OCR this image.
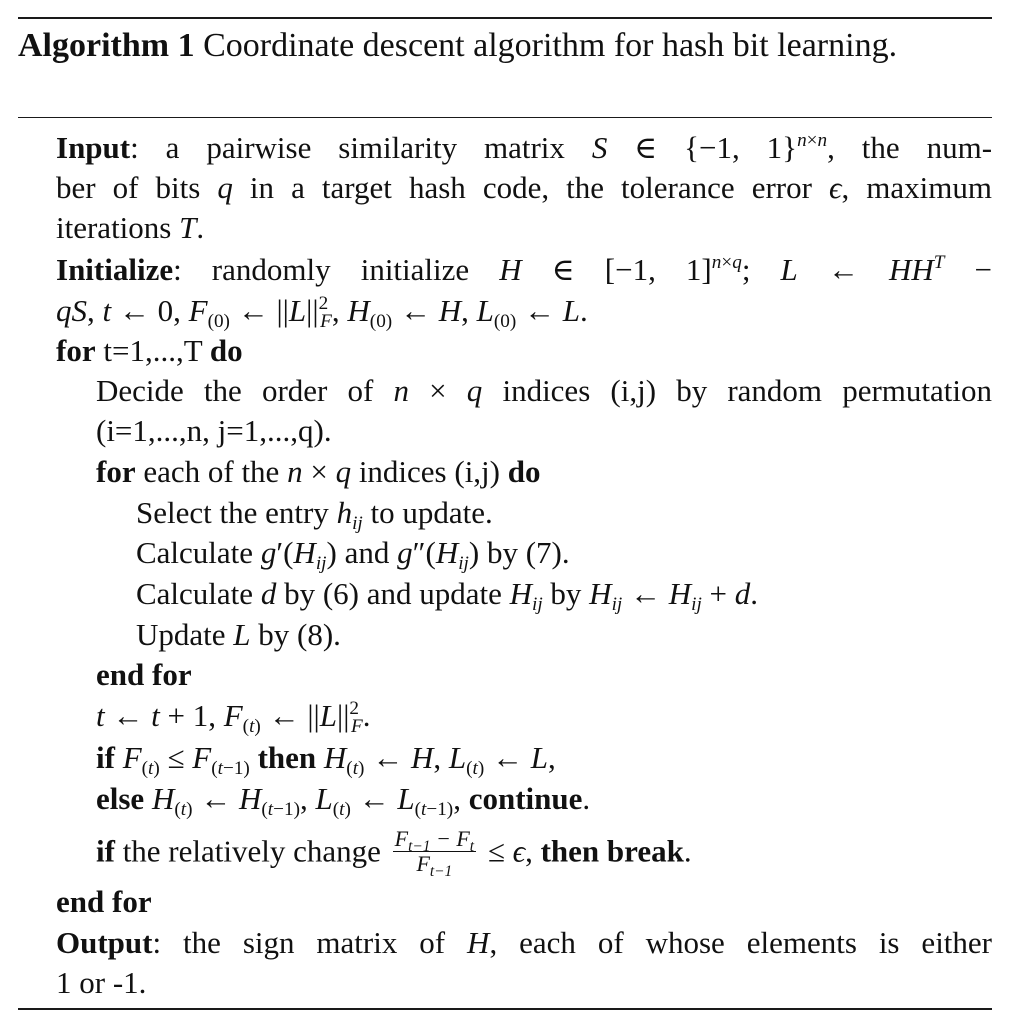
Algorithm 1 Coordinate descent algorithm for hash bit learning.
Input: a pairwise similarity matrix S ∈ {−1, 1}$^{n\times n}$, the num-
ber of bits q in a target hash code, the tolerance error ϵ, maximum
iterations T.
Initialize: randomly initialize H ∈ [−1, 1]$^{n\times q}$; L ← $HH^T$ −
qS, t ← 0, $F_{(0)}$ ← $||L||^2_F$, $H_{(0)}$ ← H, $L_{(0)}$ ← L.
for t=1,...,T do
Decide the order of n × q indices (i,j) by random permutation
(i=1,...,n, j=1,...,q).
for each of the n × q indices (i,j) do
Select the entry $h_{ij}$ to update.
Calculate $g'(H_{ij})$ and $g''(H_{ij})$ by (7).
Calculate d by (6) and update $H_{ij}$ by $H_{ij}$ ← $H_{ij} + d$.
Update L by (8).
end for
t ← t + 1, $F_{(t)}$ ← $||L||^2_F$.
if $F_{(t)} \le F_{(t-1)}$ then $H_{(t)}$ ← H, $L_{(t)}$ ← L,
else $H_{(t)}$ ← $H_{(t-1)}$, $L_{(t)}$ ← $L_{(t-1)}$, continue.
if the relatively change $\frac{F_{t-1} - F_t}{F_{t-1}} \le \epsilon$, then break.
end for
Output: the sign matrix of H, each of whose elements is either
1 or -1.
